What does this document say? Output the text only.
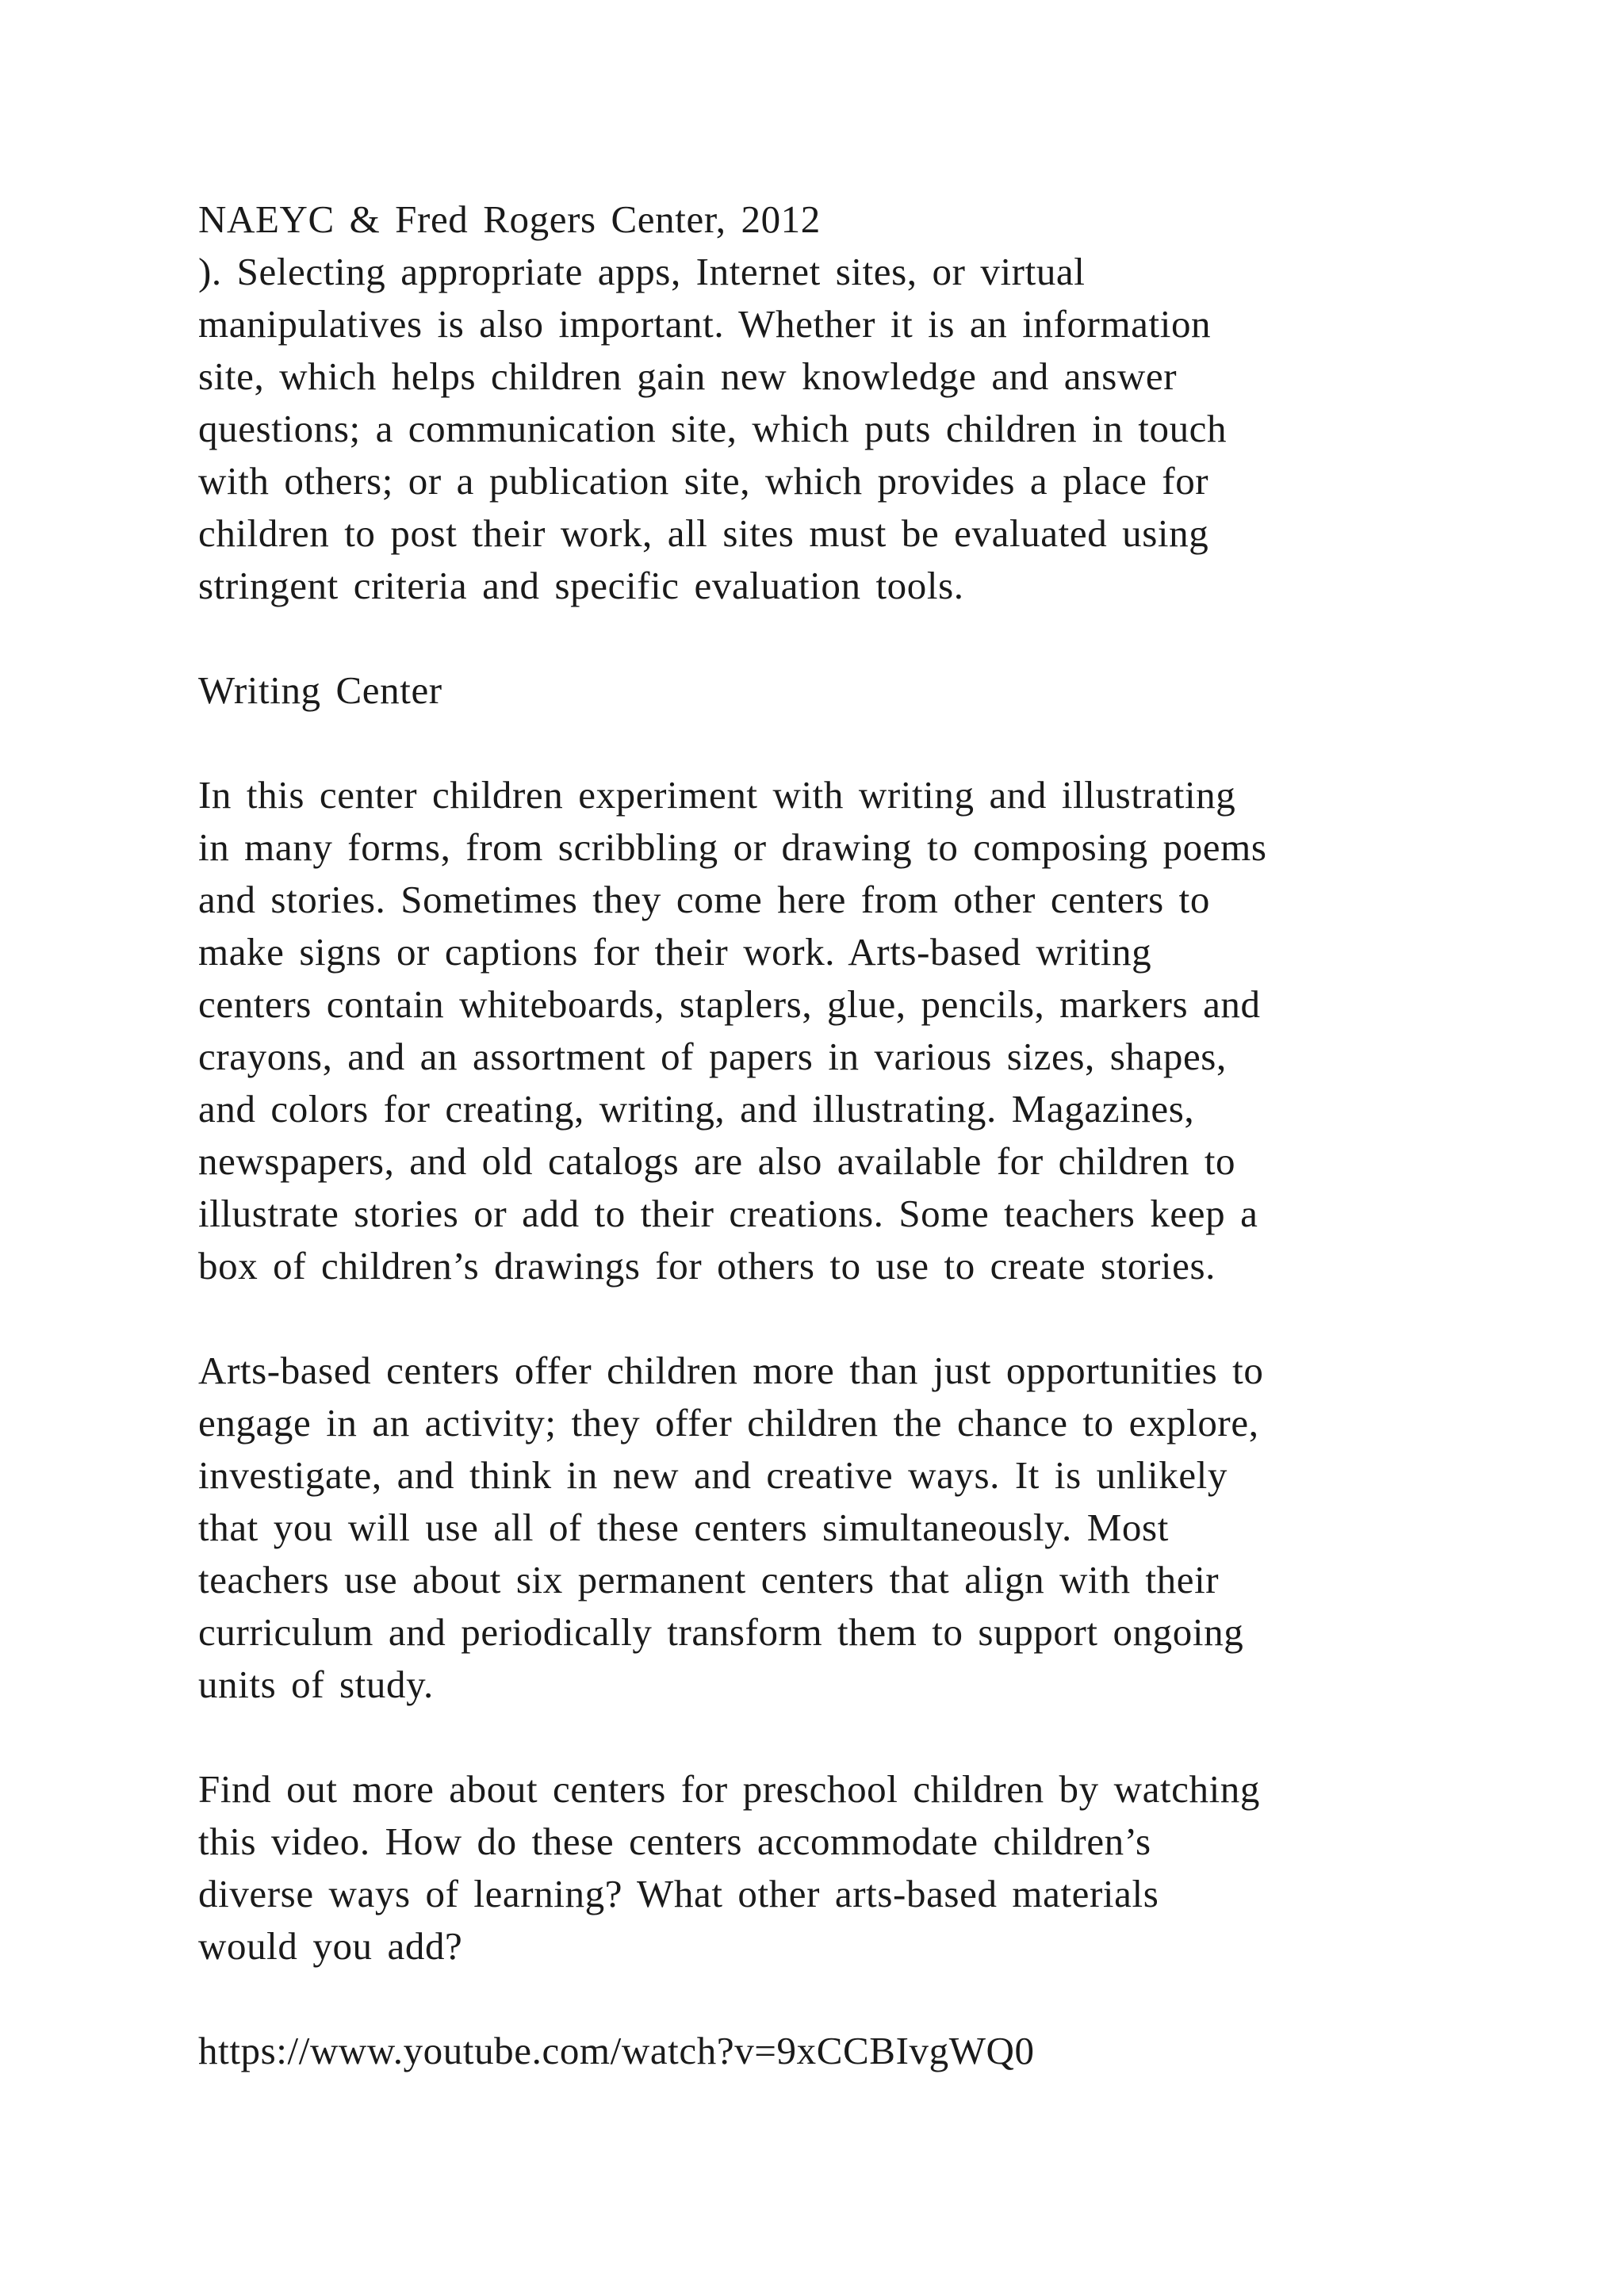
NAEYC & Fred Rogers Center, 2012
). Selecting appropriate apps, Internet sites, or virtual
manipulatives is also important. Whether it is an information
site, which helps children gain new knowledge and answer
questions; a communication site, which puts children in touch
with others; or a publication site, which provides a place for
children to post their work, all sites must be evaluated using
stringent criteria and specific evaluation tools.
Writing Center
In this center children experiment with writing and illustrating
in many forms, from scribbling or drawing to composing poems
and stories. Sometimes they come here from other centers to
make signs or captions for their work. Arts-based writing
centers contain whiteboards, staplers, glue, pencils, markers and
crayons, and an assortment of papers in various sizes, shapes,
and colors for creating, writing, and illustrating. Magazines,
newspapers, and old catalogs are also available for children to
illustrate stories or add to their creations. Some teachers keep a
box of children’s drawings for others to use to create stories.
Arts-based centers offer children more than just opportunities to
engage in an activity; they offer children the chance to explore,
investigate, and think in new and creative ways. It is unlikely
that you will use all of these centers simultaneously. Most
teachers use about six permanent centers that align with their
curriculum and periodically transform them to support ongoing
units of study.
Find out more about centers for preschool children by watching
this video. How do these centers accommodate children’s
diverse ways of learning? What other arts-based materials
would you add?
https://www.youtube.com/watch?v=9xCCBIvgWQ0
